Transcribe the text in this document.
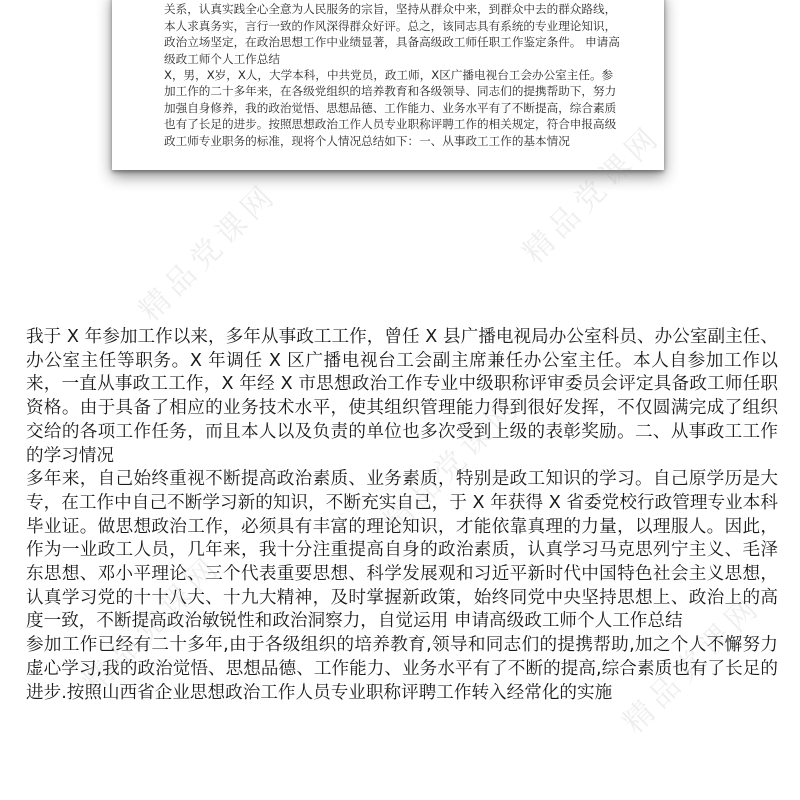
关系，认真实践全心全意为人民服务的宗旨，坚持从群众中来，到群众中去的群众路线，本人求真务实，言行一致的作风深得群众好评。总之，该同志具有系统的专业理论知识，政治立场坚定，在政治思想工作中业绩显著，具备高级政工师任职工作鉴定条件。 申请高级政工师个人工作总结

X，男，X岁，X人，大学本科，中共党员，政工师，X区广播电视台工会办公室主任。参加工作的二十多年来，在各级党组织的培养教育和各级领导、同志们的提携帮助下，努力加强自身修养，我的政治觉悟、思想品德、工作能力、业务水平有了不断提高，综合素质也有了长足的进步。按照思想政治工作人员专业职称评聘工作的相关规定，符合申报高级政工师专业职务的标准，现将个人情况总结如下：一、从事政工工作的基本情况

精品党课网	精品党课网
精品党课网
精品党课网	精品党课网

我于 X 年参加工作以来，多年从事政工工作，曾任 X 县广播电视局办公室科员、办公室副主任、办公室主任等职务。X 年调任 X 区广播电视台工会副主席兼任办公室主任。本人自参加工作以来，一直从事政工工作，X 年经 X 市思想政治工作专业中级职称评审委员会评定具备政工师任职资格。由于具备了相应的业务技术水平，使其组织管理能力得到很好发挥，不仅圆满完成了组织交给的各项工作任务，而且本人以及负责的单位也多次受到上级的表彰奖励。二、从事政工工作的学习情况

多年来，自己始终重视不断提高政治素质、业务素质，特别是政工知识的学习。自己原学历是大专，在工作中自己不断学习新的知识，不断充实自己，于 X 年获得 X 省委党校行政管理专业本科毕业证。做思想政治工作，必须具有丰富的理论知识，才能依靠真理的力量，以理服人。因此，作为一业政工人员，几年来，我十分注重提高自身的政治素质，认真学习马克思列宁主义、毛泽东思想、邓小平理论、三个代表重要思想、科学发展观和习近平新时代中国特色社会主义思想，认真学习党的十十八大、十九大精神，及时掌握新政策，始终同党中央坚持思想上、政治上的高度一致，不断提高政治敏锐性和政治洞察力，自觉运用 申请高级政工师个人工作总结

参加工作已经有二十多年,由于各级组织的培养教育,领导和同志们的提携帮助,加之个人不懈努力虚心学习,我的政治觉悟、思想品德、工作能力、业务水平有了不断的提高,综合素质也有了长足的进步.按照山西省企业思想政治工作人员专业职称评聘工作转入经常化的实施
